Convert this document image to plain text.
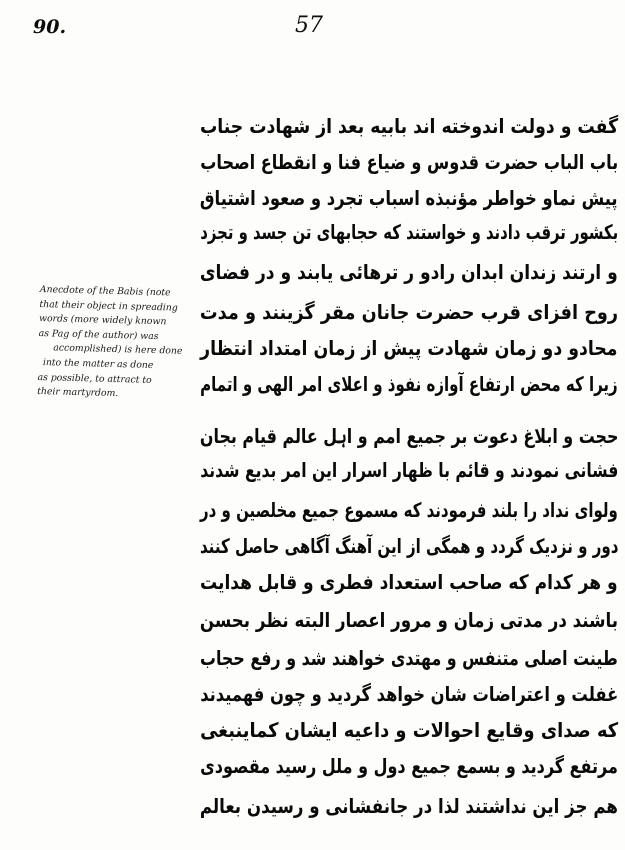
90.	57
Anecdote of the Babis (note
that their object in spreading
words (more widely known
as Pag of the author) was
accomplished) is here done
into the matter as done
as possible, to attract to
their martyrdom.
گفت و دولت اندوخته اند بابیه بعد از شهادت جناب
باب الباب حضرت قدوس و ضیاع فنا و انقطاع اصحاب
پیش نماو خواطر مؤنبذه اسباب تجرد و صعود اشتیاق
بکشور ترقب دادند و خواستند که حجابهای تن جسد و تجزد
و ارتند زندان ابدان رادو ر ترهائی یابند و در فضای
روح افزای قرب حضرت جانان مقر گزینند و مدت
محادو دو زمان شهادت پیش از زمان امتداد انتظار
زیرا که محض ارتفاع آوازه نفوذ و اعلای امر الهی و اتمام
حجت و ابلاغ دعوت بر جمیع امم و اہل عالم قیام بجان
فشانی نمودند و قائم با ظهار اسرار این امر بدیع شدند
ولوای نداد را بلند فرمودند که مسموع جمیع مخلصین و در
دور و نزدیک گردد و همگی از این آهنگ آگاهی حاصل کنند
و هر کدام که صاحب استعداد فطری و قابل هدایت
باشند در مدتی زمان و مرور اعصار البته نظر بحسن
طینت اصلی متنفس و مهتدی خواهند شد و رفع حجاب
غفلت و اعتراضات شان خواهد گردید و چون فهمیدند
که صدای وقایع احوالات و داعیه ایشان کماینبغی
مرتفع گردید و بسمع جمیع دول و ملل رسید مقصودی
هم جز این نداشتند لذا در جانفشانی و رسیدن بعالم
